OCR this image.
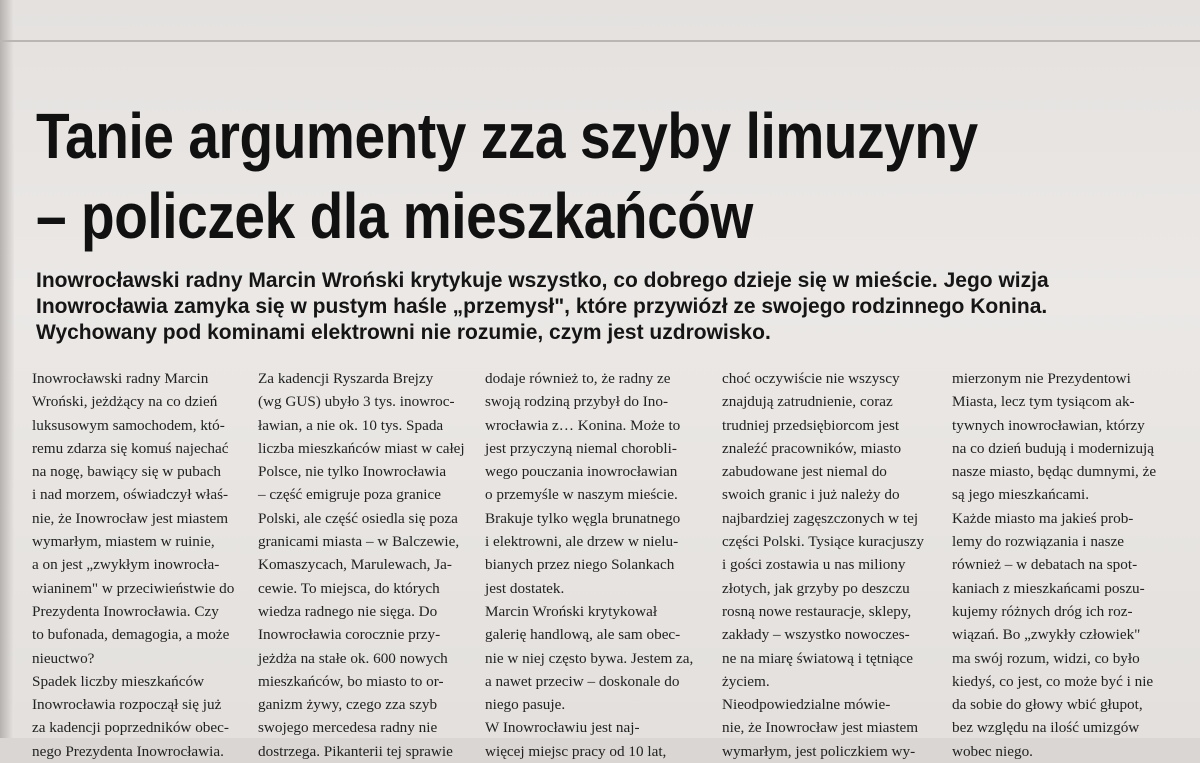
Tanie argumenty zza szyby limuzyny
– policzek dla mieszkańców
Inowrocławski radny Marcin Wroński krytykuje wszystko, co dobrego dzieje się w mieście. Jego wizja
Inowrocławia zamyka się w pustym haśle „przemysł", które przywiózł ze swojego rodzinnego Konina.
Wychowany pod kominami elektrowni nie rozumie, czym jest uzdrowisko.
Inowrocławski radny Marcin
Wroński, jeżdżący na co dzień
luksusowym samochodem, któ-
remu zdarza się komuś najechać
na nogę, bawiący się w pubach
i nad morzem, oświadczył właś-
nie, że Inowrocław jest miastem
wymarłym, miastem w ruinie,
a on jest „zwykłym inowrocła-
wianinem" w przeciwieństwie do
Prezydenta Inowrocławia. Czy
to bufonada, demagogia, a może
nieuctwo?
Spadek liczby mieszkańców
Inowrocławia rozpoczął się już
za kadencji poprzedników obec-
nego Prezydenta Inowrocławia.
Za kadencji Ryszarda Brejzy
(wg GUS) ubyło 3 tys. inowroc-
ławian, a nie ok. 10 tys. Spada
liczba mieszkańców miast w całej
Polsce, nie tylko Inowrocławia
– część emigruje poza granice
Polski, ale część osiedla się poza
granicami miasta – w Balczewie,
Komaszycach, Marulewach, Ja-
cewie. To miejsca, do których
wiedza radnego nie sięga. Do
Inowrocławia corocznie przy-
jeżdża na stałe ok. 600 nowych
mieszkańców, bo miasto to or-
ganizm żywy, czego zza szyb
swojego mercedesa radny nie
dostrzega. Pikanterii tej sprawie
dodaje również to, że radny ze
swoją rodziną przybył do Ino-
wrocławia z… Konina. Może to
jest przyczyną niemal chorobli-
wego pouczania inowrocławian
o przemyśle w naszym mieście.
Brakuje tylko węgla brunatnego
i elektrowni, ale drzew w nielu-
bianych przez niego Solankach
jest dostatek.
Marcin Wroński krytykował
galerię handlową, ale sam obec-
nie w niej często bywa. Jestem za,
a nawet przeciw – doskonale do
niego pasuje.
W Inowrocławiu jest naj-
więcej miejsc pracy od 10 lat,
choć oczywiście nie wszyscy
znajdują zatrudnienie, coraz
trudniej przedsiębiorcom jest
znaleźć pracowników, miasto
zabudowane jest niemal do
swoich granic i już należy do
najbardziej zagęszczonych w tej
części Polski. Tysiące kuracjuszy
i gości zostawia u nas miliony
złotych, jak grzyby po deszczu
rosną nowe restauracje, sklepy,
zakłady – wszystko nowoczes-
ne na miarę światową i tętniące
życiem.
Nieodpowiedzialne mówie-
nie, że Inowrocław jest miastem
wymarłym, jest policzkiem wy-
mierzonym nie Prezydentowi
Miasta, lecz tym tysiącom ak-
tywnych inowrocławian, którzy
na co dzień budują i modernizują
nasze miasto, będąc dumnymi, że
są jego mieszkańcami.
Każde miasto ma jakieś prob-
lemy do rozwiązania i nasze
również – w debatach na spot-
kaniach z mieszkańcami poszu-
kujemy różnych dróg ich roz-
wiązań. Bo „zwykły człowiek"
ma swój rozum, widzi, co było
kiedyś, co jest, co może być i nie
da sobie do głowy wbić głupot,
bez względu na ilość umizgów
wobec niego.
